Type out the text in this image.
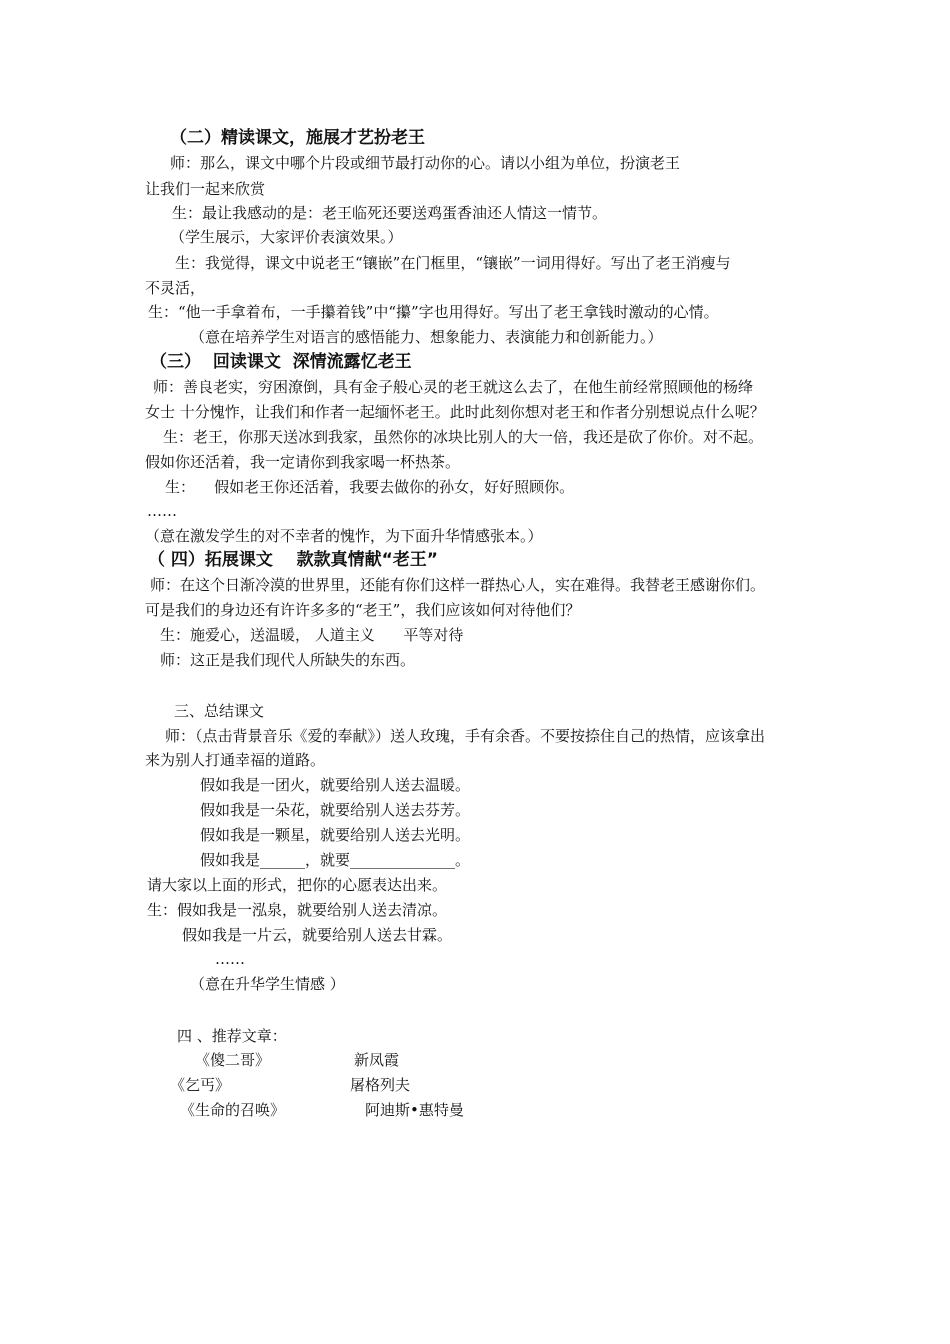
（二）精读课文，施展才艺扮老王
师：那么，课文中哪个片段或细节最打动你的心。请以小组为单位，扮演老王
让我们一起来欣赏
生：最让我感动的是：老王临死还要送鸡蛋香油还人情这一情节。
（学生展示，大家评价表演效果。）
生：我觉得，课文中说老王“镶嵌”在门框里，“镶嵌”一词用得好。写出了老王消瘦与
不灵活，
生：“他一手拿着布，一手攥着钱”中“攥”字也用得好。写出了老王拿钱时激动的心情。
（意在培养学生对语言的感悟能力、想象能力、表演能力和创新能力。）
（三）  回读课文  深情流露忆老王
师：善良老实，穷困潦倒，具有金子般心灵的老王就这么去了，在他生前经常照顾他的杨绛
女士 十分愧怍，让我们和作者一起缅怀老王。此时此刻你想对老王和作者分别想说点什么呢？
生：老王，你那天送冰到我家，虽然你的冰块比别人的大一倍，我还是砍了你价。对不起。
假如你还活着，我一定请你到我家喝一杯热茶。
生：    假如老王你还活着，我要去做你的孙女，好好照顾你。
……
（意在激发学生的对不幸者的愧怍，为下面升华情感张本。）
（ 四）拓展课文    款款真情献“老王”
师：在这个日渐冷漠的世界里，还能有你们这样一群热心人，实在难得。我替老王感谢你们。
可是我们的身边还有许许多多的“老王”，我们应该如何对待他们？
生：施爱心，送温暖， 人道主义      平等对待
师：这正是我们现代人所缺失的东西。
三、总结课文
师：（点击背景音乐《爱的奉献》）送人玫瑰，手有余香。不要按捺住自己的热情，应该拿出
来为别人打通幸福的道路。
假如我是一团火，就要给别人送去温暖。
假如我是一朵花，就要给别人送去芬芳。
假如我是一颗星，就要给别人送去光明。
假如我是______，就要______________。
请大家以上面的形式，把你的心愿表达出来。
生：假如我是一泓泉，就要给别人送去清凉。
假如我是一片云，就要给别人送去甘霖。
……
（意在升华学生情感 ）
四 、推荐文章：
《傻二哥》	新凤霞
《乞丐》	屠格列夫
《生命的召唤》	阿迪斯•惠特曼
